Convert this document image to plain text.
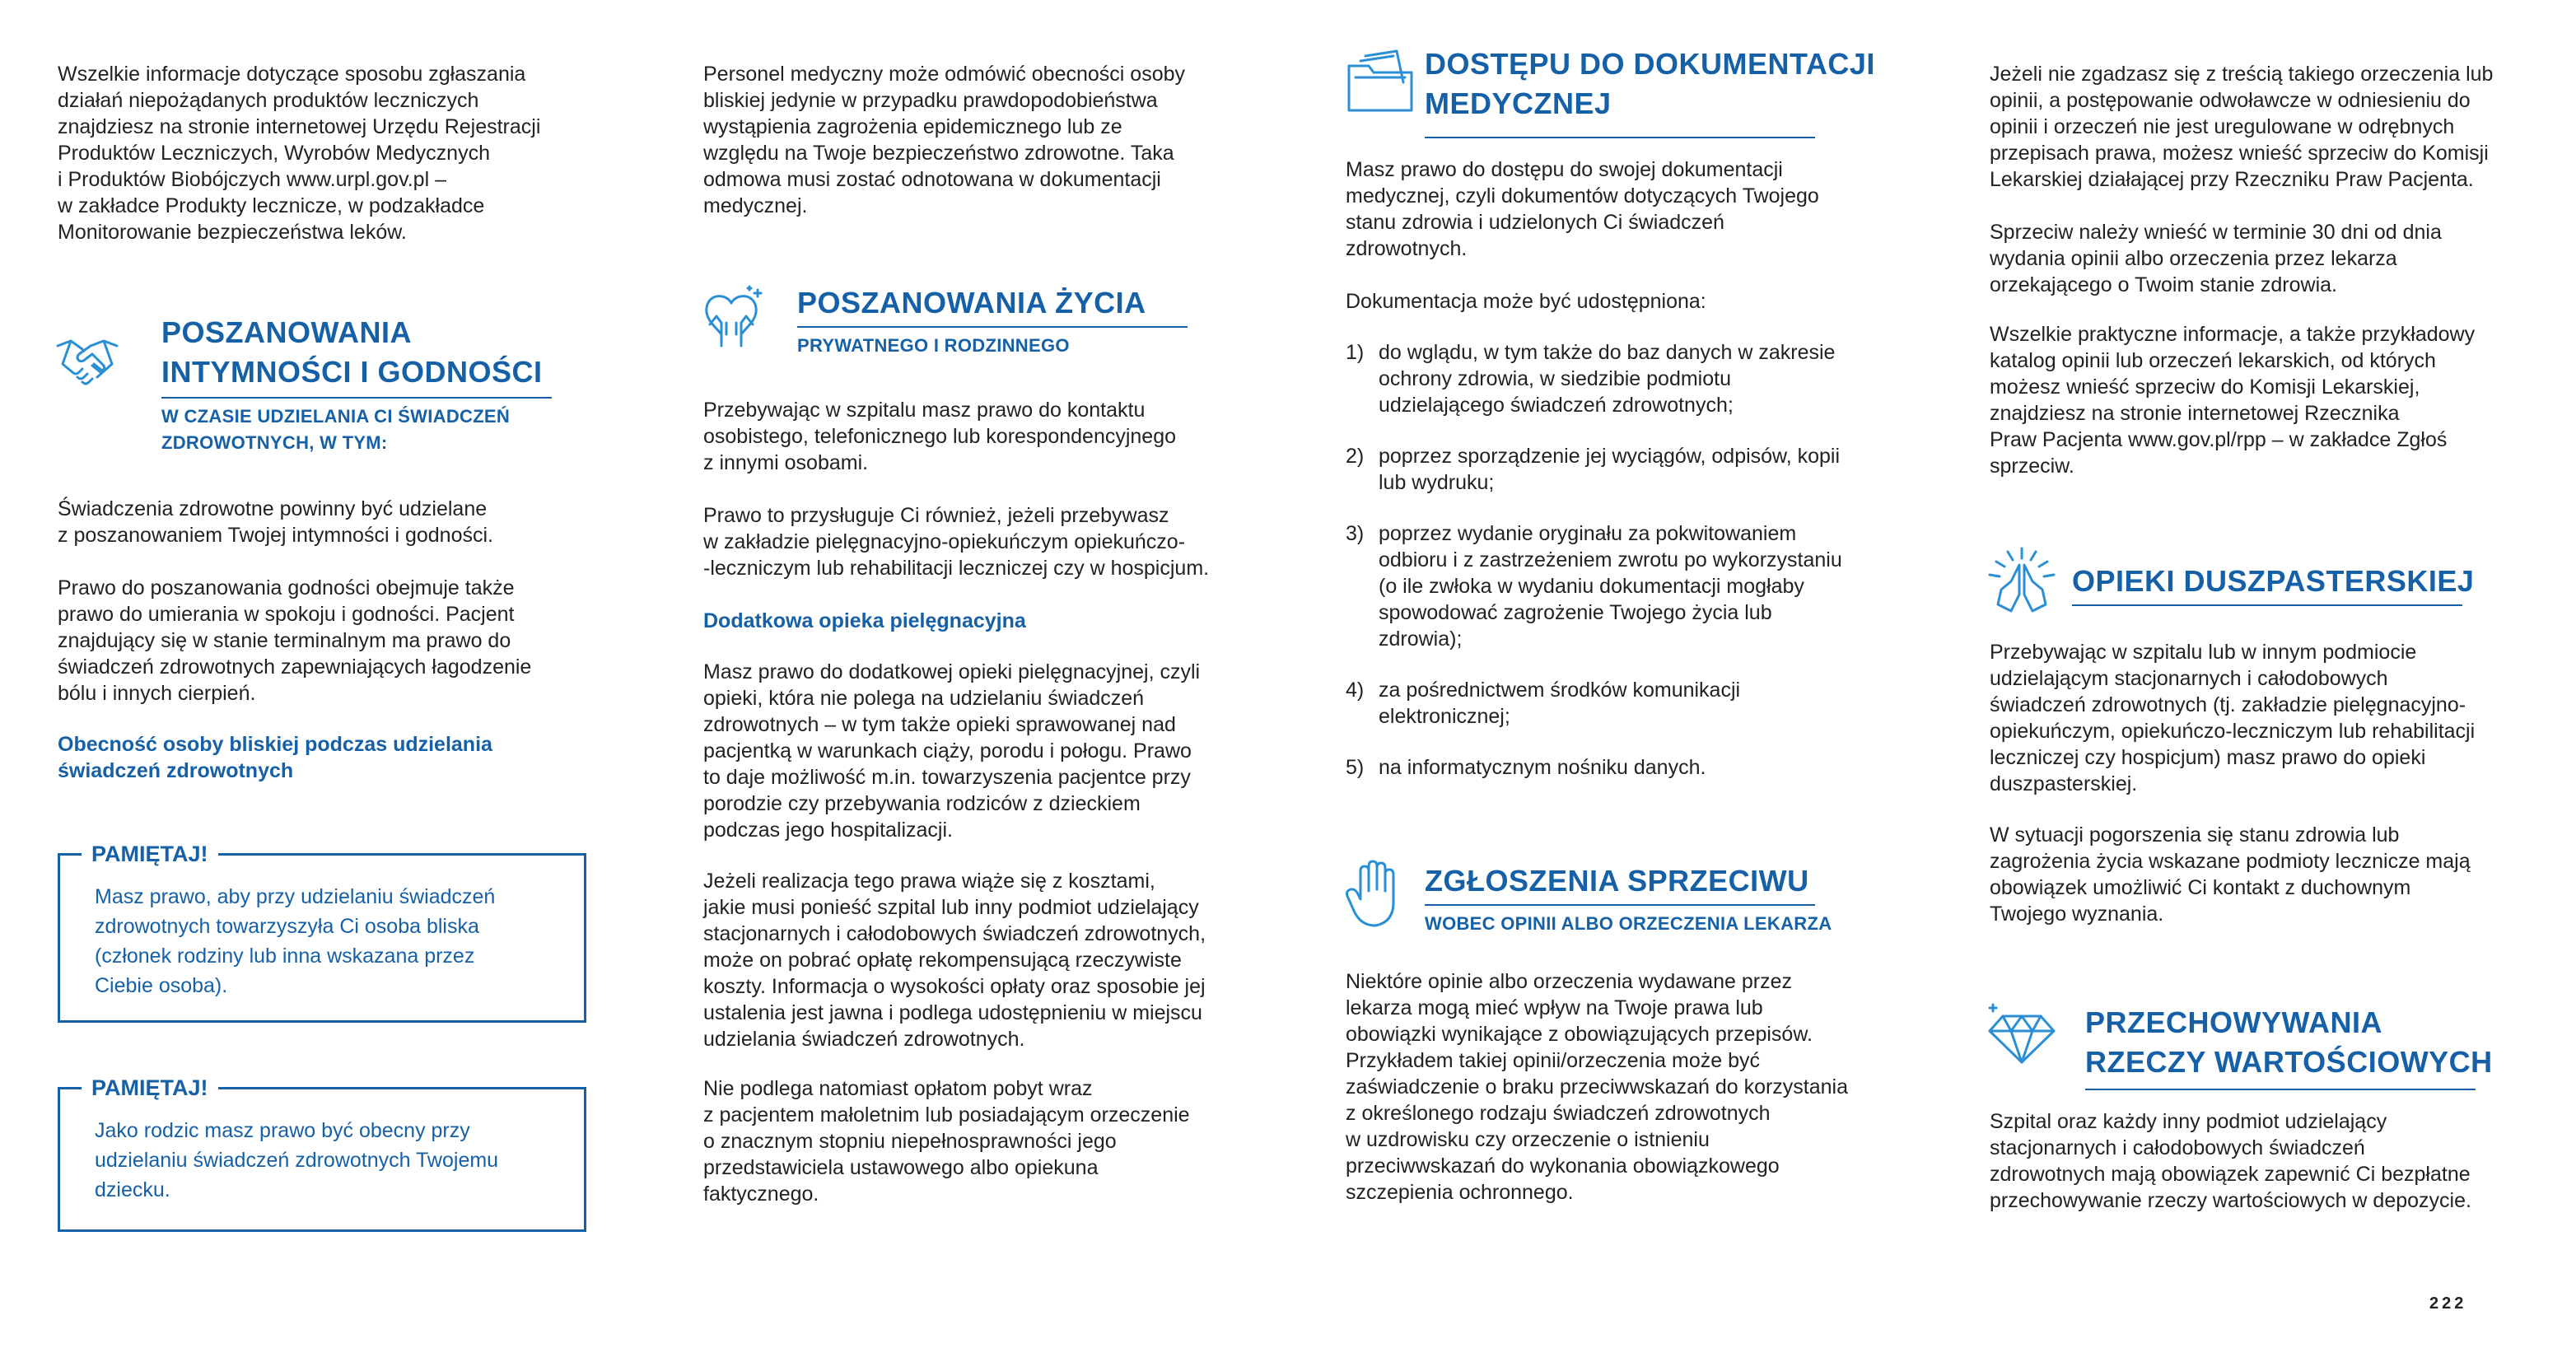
Wszelkie informacje dotyczące sposobu zgłaszania
działań niepożądanych produktów leczniczych
znajdziesz na stronie internetowej Urzędu Rejestracji
Produktów Leczniczych, Wyrobów Medycznych
i Produktów Biobójczych www.urpl.gov.pl –
w zakładce Produkty lecznicze, w podzakładce
Monitorowanie bezpieczeństwa leków.

POSZANOWANIA
INTYMNOŚCI I GODNOŚCI

W CZASIE UDZIELANIA CI ŚWIADCZEŃ
ZDROWOTNYCH, W TYM:

Świadczenia zdrowotne powinny być udzielane
z poszanowaniem Twojej intymności i godności.

Prawo do poszanowania godności obejmuje także
prawo do umierania w spokoju i godności. Pacjent
znajdujący się w stanie terminalnym ma prawo do
świadczeń zdrowotnych zapewniających łagodzenie
bólu i innych cierpień.

Obecność osoby bliskiej podczas udzielania
świadczeń zdrowotnych

PAMIĘTAJ!

Masz prawo, aby przy udzielaniu świadczeń
zdrowotnych towarzyszyła Ci osoba bliska
(członek rodziny lub inna wskazana przez
Ciebie osoba).

PAMIĘTAJ!

Jako rodzic masz prawo być obecny przy
udzielaniu świadczeń zdrowotnych Twojemu
dziecku.

Personel medyczny może odmówić obecności osoby
bliskiej jedynie w przypadku prawdopodobieństwa
wystąpienia zagrożenia epidemicznego lub ze
względu na Twoje bezpieczeństwo zdrowotne. Taka
odmowa musi zostać odnotowana w dokumentacji
medycznej.

POSZANOWANIA ŻYCIA

PRYWATNEGO I RODZINNEGO

Przebywając w szpitalu masz prawo do kontaktu
osobistego, telefonicznego lub korespondencyjnego
z innymi osobami.

Prawo to przysługuje Ci również, jeżeli przebywasz
w zakładzie pielęgnacyjno-opiekuńczym opiekuńczo-
-leczniczym lub rehabilitacji leczniczej czy w hospicjum.

Dodatkowa opieka pielęgnacyjna

Masz prawo do dodatkowej opieki pielęgnacyjnej, czyli
opieki, która nie polega na udzielaniu świadczeń
zdrowotnych – w tym także opieki sprawowanej nad
pacjentką w warunkach ciąży, porodu i połogu. Prawo
to daje możliwość m.in. towarzyszenia pacjentce przy
porodzie czy przebywania rodziców z dzieckiem
podczas jego hospitalizacji.

Jeżeli realizacja tego prawa wiąże się z kosztami,
jakie musi ponieść szpital lub inny podmiot udzielający
stacjonarnych i całodobowych świadczeń zdrowotnych,
może on pobrać opłatę rekompensującą rzeczywiste
koszty. Informacja o wysokości opłaty oraz sposobie jej
ustalenia jest jawna i podlega udostępnieniu w miejscu
udzielania świadczeń zdrowotnych.

Nie podlega natomiast opłatom pobyt wraz
z pacjentem małoletnim lub posiadającym orzeczenie
o znacznym stopniu niepełnosprawności jego
przedstawiciela ustawowego albo opiekuna
faktycznego.

DOSTĘPU DO DOKUMENTACJI
MEDYCZNEJ

Masz prawo do dostępu do swojej dokumentacji
medycznej, czyli dokumentów dotyczących Twojego
stanu zdrowia i udzielonych Ci świadczeń
zdrowotnych.

Dokumentacja może być udostępniona:

1) do wglądu, w tym także do baz danych w zakresie
ochrony zdrowia, w siedzibie podmiotu
udzielającego świadczeń zdrowotnych;
2) poprzez sporządzenie jej wyciągów, odpisów, kopii
lub wydruku;
3) poprzez wydanie oryginału za pokwitowaniem
odbioru i z zastrzeżeniem zwrotu po wykorzystaniu
(o ile zwłoka w wydaniu dokumentacji mogłaby
spowodować zagrożenie Twojego życia lub
zdrowia);
4) za pośrednictwem środków komunikacji
elektronicznej;
5) na informatycznym nośniku danych.

ZGŁOSZENIA SPRZECIWU

WOBEC OPINII ALBO ORZECZENIA LEKARZA

Niektóre opinie albo orzeczenia wydawane przez
lekarza mogą mieć wpływ na Twoje prawa lub
obowiązki wynikające z obowiązujących przepisów.
Przykładem takiej opinii/orzeczenia może być
zaświadczenie o braku przeciwwskazań do korzystania
z określonego rodzaju świadczeń zdrowotnych
w uzdrowisku czy orzeczenie o istnieniu
przeciwwskazań do wykonania obowiązkowego
szczepienia ochronnego.

Jeżeli nie zgadzasz się z treścią takiego orzeczenia lub
opinii, a postępowanie odwoławcze w odniesieniu do
opinii i orzeczeń nie jest uregulowane w odrębnych
przepisach prawa, możesz wnieść sprzeciw do Komisji
Lekarskiej działającej przy Rzeczniku Praw Pacjenta.

Sprzeciw należy wnieść w terminie 30 dni od dnia
wydania opinii albo orzeczenia przez lekarza
orzekającego o Twoim stanie zdrowia.

Wszelkie praktyczne informacje, a także przykładowy
katalog opinii lub orzeczeń lekarskich, od których
możesz wnieść sprzeciw do Komisji Lekarskiej,
znajdziesz na stronie internetowej Rzecznika
Praw Pacjenta www.gov.pl/rpp – w zakładce Zgłoś
sprzeciw.

OPIEKI DUSZPASTERSKIEJ

Przebywając w szpitalu lub w innym podmiocie
udzielającym stacjonarnych i całodobowych
świadczeń zdrowotnych (tj. zakładzie pielęgnacyjno-
opiekuńczym, opiekuńczo-leczniczym lub rehabilitacji
leczniczej czy hospicjum) masz prawo do opieki
duszpasterskiej.

W sytuacji pogorszenia się stanu zdrowia lub
zagrożenia życia wskazane podmioty lecznicze mają
obowiązek umożliwić Ci kontakt z duchownym
Twojego wyznania.

PRZECHOWYWANIA
RZECZY WARTOŚCIOWYCH

Szpital oraz każdy inny podmiot udzielający
stacjonarnych i całodobowych świadczeń
zdrowotnych mają obowiązek zapewnić Ci bezpłatne
przechowywanie rzeczy wartościowych w depozycie.

222
